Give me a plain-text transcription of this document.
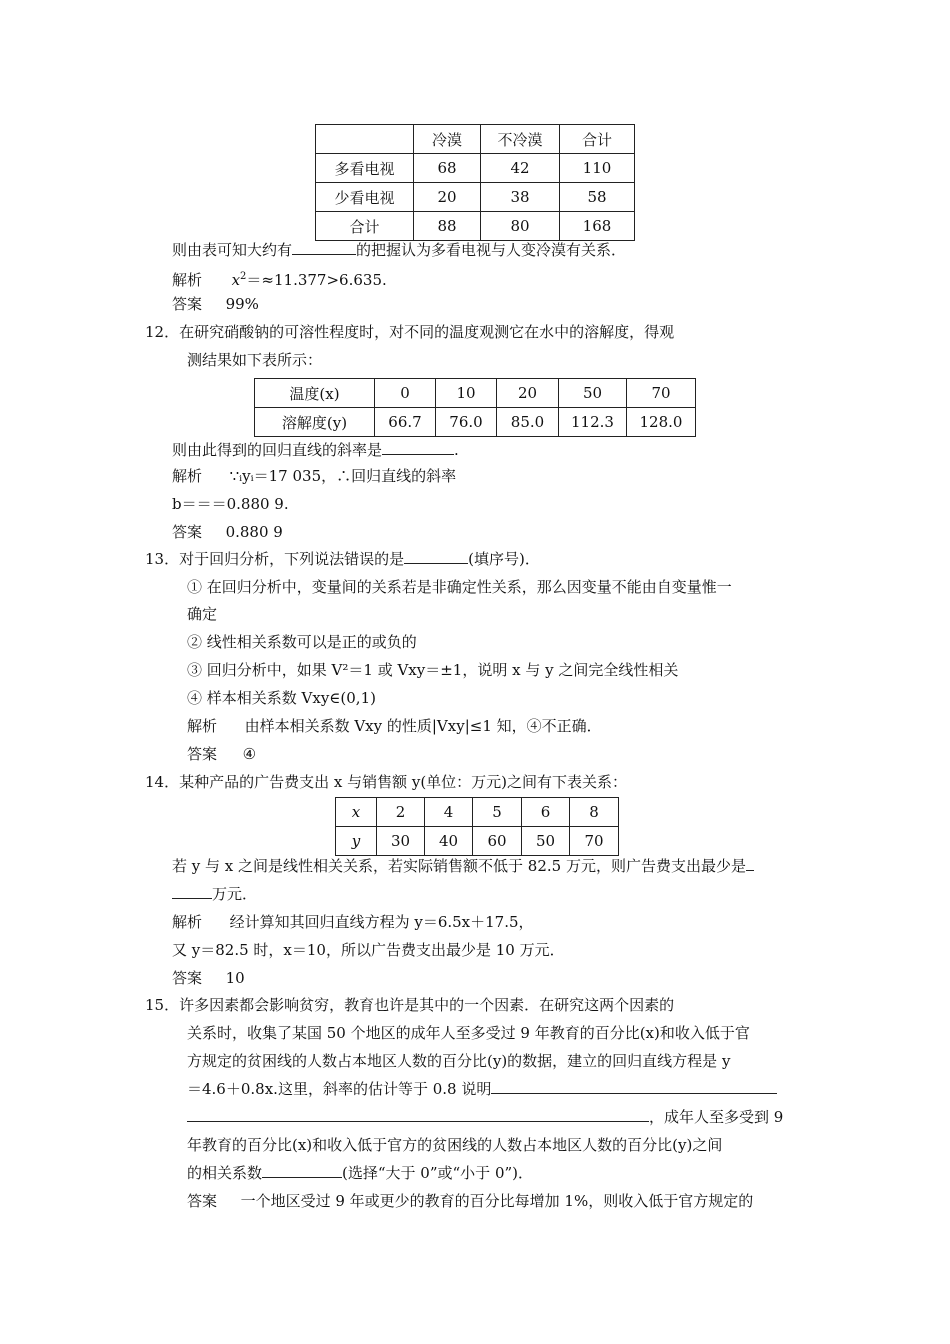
	冷漠	不冷漠	合计
多看电视	68	42	110
少看电视	20	38	58
合计	88	80	168
则由表可知大约有	的把握认为多看电视与人变冷漠有关系．
解析 $x^2=\approx 11.377>6.635$.
答案 99%
12．在研究硝酸钠的可溶性程度时，对不同的温度观测它在水中的溶解度，得观
测结果如下表所示：
温度(x)	0	10	20	50	70
溶解度(y)	66.7	76.0	85.0	112.3	128.0
则由此得到的回归直线的斜率是	.
解析 ∵ᵢyᵢ＝17 035，∴回归直线的斜率
b＝＝＝0.880 9.
答案 0.880 9
13．对于回归分析，下列说法错误的是	(填序号)．
① 在回归分析中，变量间的关系若是非确定性关系，那么因变量不能由自变量惟一
确定
② 线性相关系数可以是正的或负的
③ 回归分析中，如果 V²＝1 或 Vxy＝±1，说明 x 与 y 之间完全线性相关
④ 样本相关系数 Vxy∈(0,1)
解析 由样本相关系数 Vxy 的性质|Vxy|≤1 知，④不正确．
答案 ④
14．某种产品的广告费支出 x 与销售额 y(单位：万元)之间有下表关系：
x	2	4	5	6	8
y	30	40	60	50	70
若 y 与 x 之间是线性相关关系，若实际销售额不低于 82.5 万元，则广告费支出最少是
万元．
解析 经计算知其回归直线方程为 y＝6.5x＋17.5，
又 y＝82.5 时，x＝10，所以广告费支出最少是 10 万元．
答案 10
15．许多因素都会影响贫穷，教育也许是其中的一个因素．在研究这两个因素的
关系时，收集了某国 50 个地区的成年人至多受过 9 年教育的百分比(x)和收入低于官
方规定的贫困线的人数占本地区人数的百分比(y)的数据，建立的回归直线方程是 y
＝4.6＋0.8x.这里，斜率的估计等于 0.8 说明
，成年人至多受到 9
年教育的百分比(x)和收入低于官方的贫困线的人数占本地区人数的百分比(y)之间
的相关系数	(选择“大于 0”或“小于 0”)．
答案 一个地区受过 9 年或更少的教育的百分比每增加 1%，则收入低于官方规定的
